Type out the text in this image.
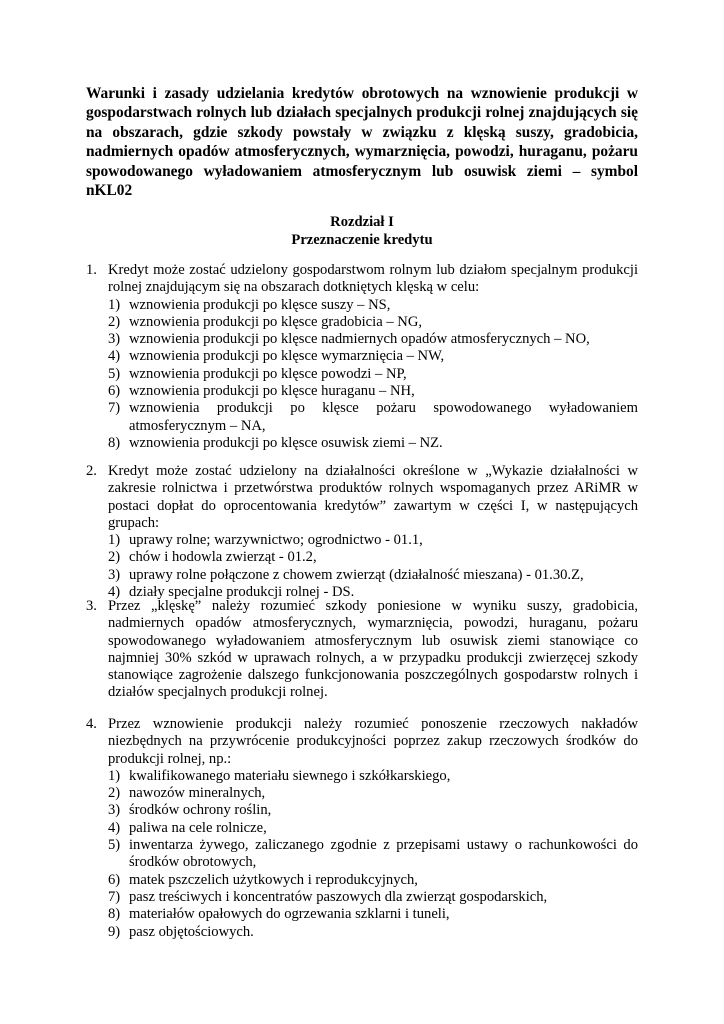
Warunki i zasady udzielania kredytów obrotowych na wznowienie produkcji w gospodarstwach rolnych lub działach specjalnych produkcji rolnej znajdujących się na obszarach, gdzie szkody powstały w związku z klęską suszy, gradobicia, nadmiernych opadów atmosferycznych, wymarznięcia, powodzi, huraganu, pożaru spowodowanego wyładowaniem atmosferycznym lub osuwisk ziemi – symbol nKL02
Rozdział I
Przeznaczenie kredytu
1. Kredyt może zostać udzielony gospodarstwom rolnym lub działom specjalnym produkcji rolnej znajdującym się na obszarach dotkniętych klęską w celu:
1) wznowienia produkcji po klęsce suszy – NS,
2) wznowienia produkcji po klęsce gradobicia – NG,
3) wznowienia produkcji po klęsce nadmiernych opadów atmosferycznych – NO,
4) wznowienia produkcji po klęsce wymarznięcia – NW,
5) wznowienia produkcji po klęsce powodzi – NP,
6) wznowienia produkcji po klęsce huraganu – NH,
7) wznowienia produkcji po klęsce pożaru spowodowanego wyładowaniem atmosferycznym – NA,
8) wznowienia produkcji po klęsce osuwisk ziemi – NZ.
2. Kredyt może zostać udzielony na działalności określone w „Wykazie działalności w zakresie rolnictwa i przetwórstwa produktów rolnych wspomaganych przez ARiMR w postaci dopłat do oprocentowania kredytów” zawartym w części I, w następujących grupach:
1) uprawy rolne; warzywnictwo; ogrodnictwo - 01.1,
2) chów i hodowla zwierząt - 01.2,
3) uprawy rolne połączone z chowem zwierząt (działalność mieszana) - 01.30.Z,
4) działy specjalne produkcji rolnej - DS.
3. Przez „klęskę” należy rozumieć szkody poniesione w wyniku suszy, gradobicia, nadmiernych opadów atmosferycznych, wymarznięcia, powodzi, huraganu, pożaru spowodowanego wyładowaniem atmosferycznym lub osuwisk ziemi stanowiące co najmniej 30% szkód w uprawach rolnych, a w przypadku produkcji zwierzęcej szkody stanowiące zagrożenie dalszego funkcjonowania poszczególnych gospodarstw rolnych i działów specjalnych produkcji rolnej.
4. Przez wznowienie produkcji należy rozumieć ponoszenie rzeczowych nakładów niezbędnych na przywrócenie produkcyjności poprzez zakup rzeczowych środków do produkcji rolnej, np.:
1) kwalifikowanego materiału siewnego i szkółkarskiego,
2) nawozów mineralnych,
3) środków ochrony roślin,
4) paliwa na cele rolnicze,
5) inwentarza żywego, zaliczanego zgodnie z przepisami ustawy o rachunkowości do środków obrotowych,
6) matek pszczelich użytkowych i reprodukcyjnych,
7) pasz treściwych i koncentratów paszowych dla zwierząt gospodarskich,
8) materiałów opałowych do ogrzewania szklarni i tuneli,
9) pasz objętościowych.
